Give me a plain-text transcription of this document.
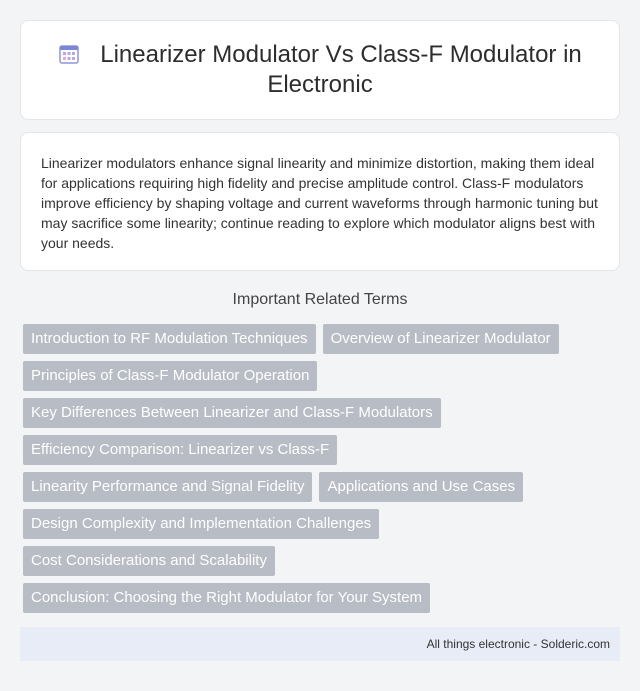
Linearizer Modulator Vs Class-F Modulator in Electronic

Linearizer modulators enhance signal linearity and minimize distortion, making them ideal for applications requiring high fidelity and precise amplitude control. Class-F modulators improve efficiency by shaping voltage and current waveforms through harmonic tuning but may sacrifice some linearity; continue reading to explore which modulator aligns best with your needs.

Important Related Terms
Introduction to RF Modulation Techniques	Overview of Linearizer Modulator
Principles of Class-F Modulator Operation
Key Differences Between Linearizer and Class-F Modulators
Efficiency Comparison: Linearizer vs Class-F
Linearity Performance and Signal Fidelity	Applications and Use Cases
Design Complexity and Implementation Challenges
Cost Considerations and Scalability
Conclusion: Choosing the Right Modulator for Your System
All things electronic - Solderic.com
